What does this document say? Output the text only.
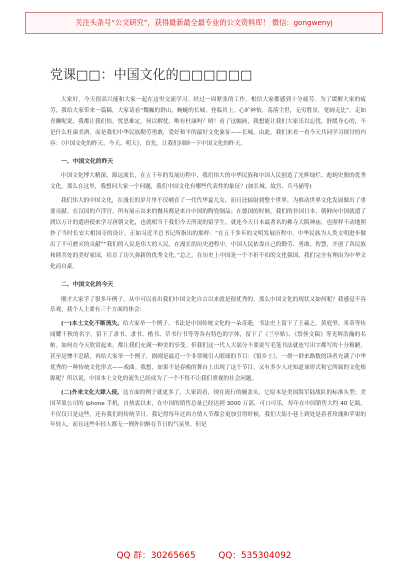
关注头条号“公文研究”，获得最新最全最专业的公文资料库！ 微信：gongwenyj
党课□□：中国文化的□□□□□□

大家好，今天很高兴能和大家一起在这里交流学习。经过一周紧张的工作，相信大家都感到十分疲劳。为了缓解大家的疲劳，我给大家带来一篇稿，大家请看“魏巍的群山，蜿蜒的长城，登临其上，心旷神怡，荡落尘世，无穷胜景，宽阔无比”。走如青狮呢说，我都让我们惊，忧思难定，何以解忧，唯有杜康吗？晴！看了这幅画，我想能让我们大家乐以忘忧，舒缓身心的，不是什么杜康美酒，而是我们中华民族勤劳勇敢，爱好和平的最好文化象征——长城。由此，我们来看一看今天共同学习探讨的内容：《中国文化的昨天、今天、明天》，首先，让我们回顾一下中国文化的昨天。

一、中国文化的昨天

中国文化博大精深，源远流长，在五千年的发展历程中，我们伟大的中华民族和中国人民创造了光辉灿烂、彪炳史册的优秀文化，那么在这里，我想问大家一个问题，我们中国文化有哪些代表性的象征？(如长城、故宫、兵马俑等)

我们伟大的中国文化，在漫长的岁月里不仅哺育了一代代华夏儿女，而且还辐射到整个世界，为推动世界文化发展做出了重要贡献。在汉国的卢浮宫，所有展示出来的餐具都是来自中国的陶瓷制品；在德国的时候，我们的非国日本、朝鲜向中国就遣了渡以万计的遣唐使来学习唐朝文化，也就相当于我们今天所说的留学生。就连今天日本最著名的佛寺大阪神庙，也照样不动地照抄了当时长安大相国寺的设计。正如习近平总书记所指出的那样：“在五千多年的文明发展历程中，中华民族为人类文明进步做出了不可磨灭的贡献”“我们的人民是伟大的人民，在漫长的历史进程中，中国人民依靠自己的勤劳、勇敢、智慧，开创了各民族和睦共处的美好家园，培育了历久弥新的优秀文化。”总之，在历史上中国是一个不折不扣的文化强国，我们完全有理由为中华文化而自豪。

二、中国文化的今天

刚才大家学了很多年例子，从中可以看出我们中国文化自古以来就是很优秀的，那么中国文化的现状又如何呢？我感觉不容乐观，我个人主要有三个方面的体会：

(一)本土文化不断流失。给大家举一个例子，书法是中国传统文化的一朵奇葩，书法史上留下了王羲之、黄庭坚、米蒂等传闻耀千秋的名字，留下了隶书、隶书、楷书、草书行书等等各有特色的字体，留下了《兰亭贴》、《祭侄文稿》等光辉浩瀚的名帖。如何在今天欣赏起来，都让我们充满一种美的享受。但我们这一代人大部分不要说写毛笔书法就连写出字都写的十分粗陋，甚至是惨不忍睹，再给大家举一个例子，剧剧是最近一个非常吸引人眼球的节目：《很乡土》，一群一群来路数的读者充满了中华优秀的一种传统文化形式——戏曲。我想，如果不是春晚的舞台上出现了这个节目，又有多少人还知道该形式和它所属的文化根源呢？所以说，中国本土文化的流失已经成为了一个不得不让我们重视的社会问题。

(二)外来文化大肆入侵。这方面的例子就更多了，大家请看，现在流行的碗盖头，它原本是美国海军陆战队的标准头型；美国苹果公司的 iphone 手机，自热衷以来，在中国的销售总量已经达到 3000 万部，可口可乐，每年在中国销售大约 40 亿瓶，不仅仅只是这些，还有我们的传统节日，我记得每年过西方情人节都会更加引得时候，我们大街小巷上到处是着者玫瑰和苹果的年轻人，而且这些年轻人都无一例外识醉在节日的气氛里，但是

QQ 群：30265665	QQ：535304092
